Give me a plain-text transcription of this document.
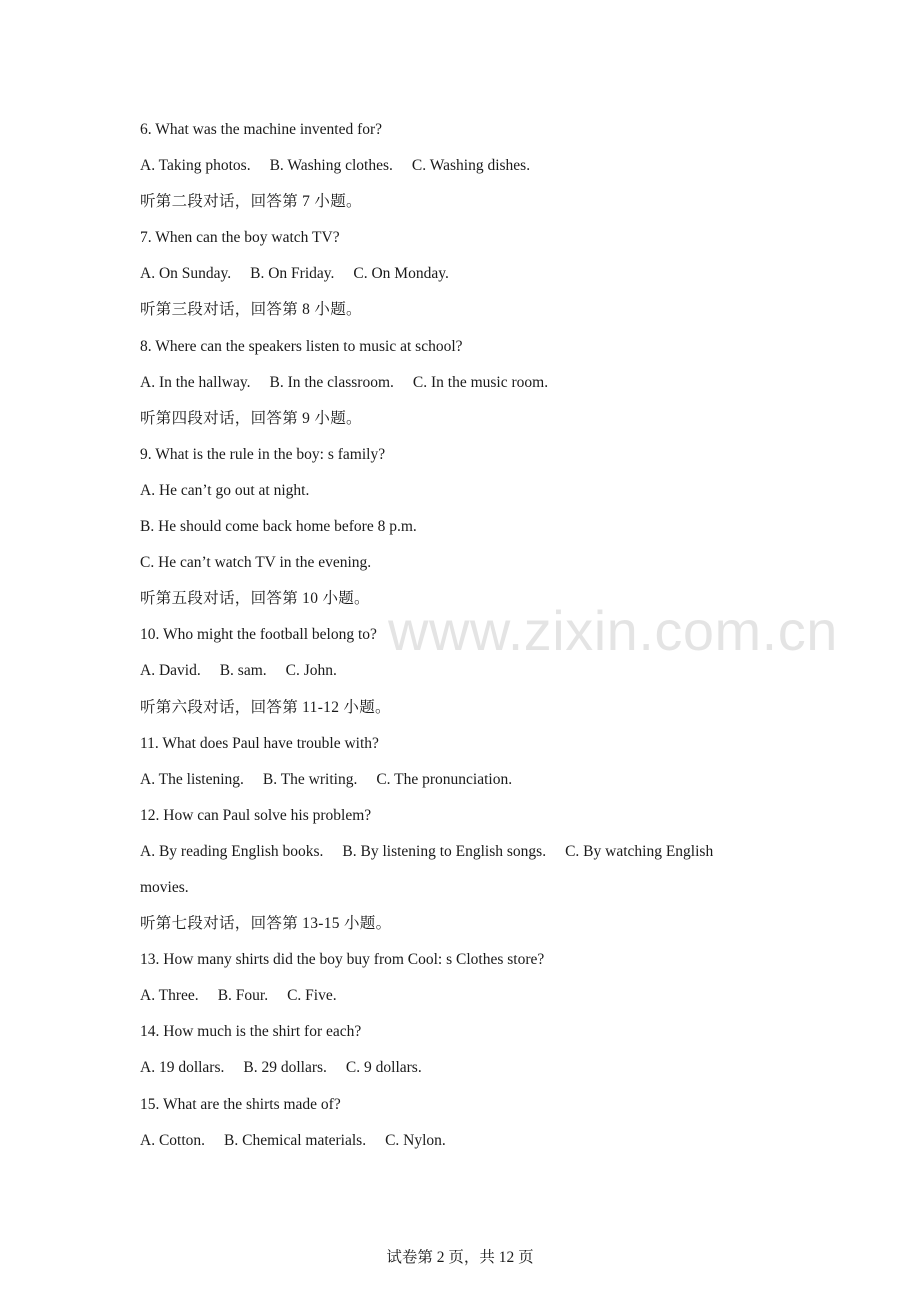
6. What was the machine invented for?
A. Taking photos. B. Washing clothes. C. Washing dishes.
听第二段对话，回答第 7 小题。
7. When can the boy watch TV?
A. On Sunday. B. On Friday. C. On Monday.
听第三段对话，回答第 8 小题。
8. Where can the speakers listen to music at school?
A. In the hallway. B. In the classroom. C. In the music room.
听第四段对话，回答第 9 小题。
9. What is the rule in the boy: s family?
A. He can’t go out at night.
B. He should come back home before 8 p.m.
C. He can’t watch TV in the evening.
听第五段对话，回答第 10 小题。
10. Who might the football belong to?
A. David. B. sam. C. John.
听第六段对话，回答第 11-12 小题。
11. What does Paul have trouble with?
A. The listening. B. The writing. C. The pronunciation.
12. How can Paul solve his problem?
A. By reading English books. B. By listening to English songs. C. By watching English
movies.
听第七段对话，回答第 13-15 小题。
13. How many shirts did the boy buy from Cool: s Clothes store?
A. Three. B. Four. C. Five.
14. How much is the shirt for each?
A. 19 dollars. B. 29 dollars. C. 9 dollars.
15. What are the shirts made of?
A. Cotton. B. Chemical materials. C. Nylon.
www.zixin.com.cn
试卷第 2 页，共 12 页
